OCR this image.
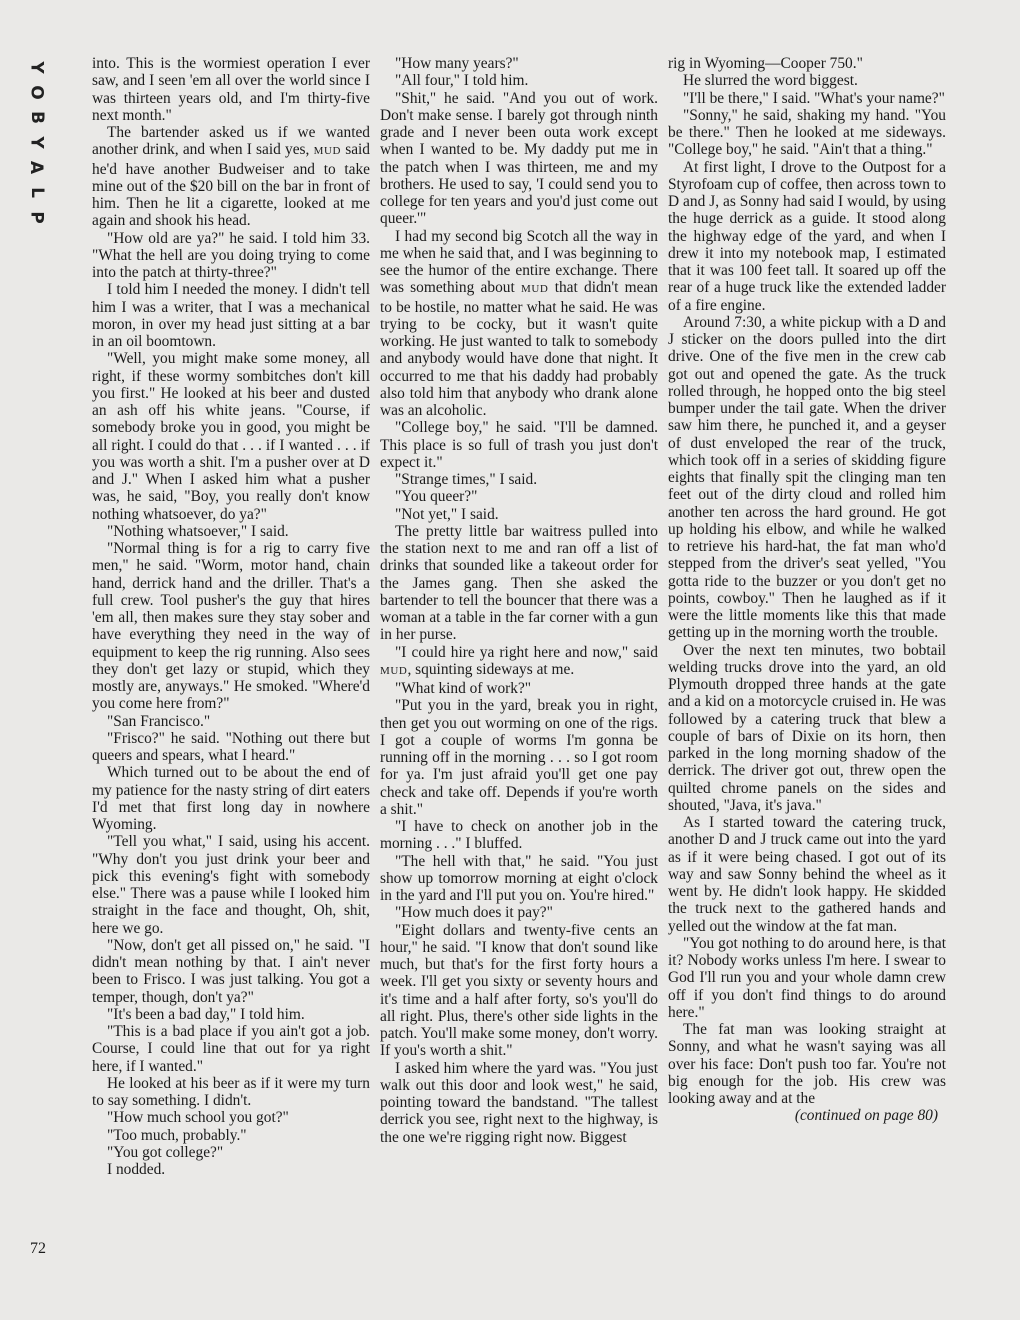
Y
O
B
Y
A
L
P
72

into. This is the wormiest operation I ever saw, and I seen 'em all over the world since I was thirteen years old, and I'm thirty-five next month."

The bartender asked us if we wanted another drink, and when I said yes, MUD said he'd have another Budweiser and to take mine out of the $20 bill on the bar in front of him. Then he lit a cigarette, looked at me again and shook his head.

"How old are ya?" he said. I told him 33. "What the hell are you doing trying to come into the patch at thirty-three?"

I told him I needed the money. I didn't tell him I was a writer, that I was a mechanical moron, in over my head just sitting at a bar in an oil boomtown.

"Well, you might make some money, all right, if these wormy sombitches don't kill you first." He looked at his beer and dusted an ash off his white jeans. "Course, if somebody broke you in good, you might be all right. I could do that . . . if I wanted . . . if you was worth a shit. I'm a pusher over at D and J." When I asked him what a pusher was, he said, "Boy, you really don't know nothing whatsoever, do ya?"

"Nothing whatsoever," I said.

"Normal thing is for a rig to carry five men," he said. "Worm, motor hand, chain hand, derrick hand and the driller. That's a full crew. Tool pusher's the guy that hires 'em all, then makes sure they stay sober and have everything they need in the way of equipment to keep the rig running. Also sees they don't get lazy or stupid, which they mostly are, anyways." He smoked. "Where'd you come here from?"

"San Francisco."

"Frisco?" he said. "Nothing out there but queers and spears, what I heard."

Which turned out to be about the end of my patience for the nasty string of dirt eaters I'd met that first long day in nowhere Wyoming.

"Tell you what," I said, using his accent. "Why don't you just drink your beer and pick this evening's fight with somebody else." There was a pause while I looked him straight in the face and thought, Oh, shit, here we go.

"Now, don't get all pissed on," he said. "I didn't mean nothing by that. I ain't never been to Frisco. I was just talking. You got a temper, though, don't ya?"

"It's been a bad day," I told him.

"This is a bad place if you ain't got a job. Course, I could line that out for ya right here, if I wanted."

He looked at his beer as if it were my turn to say something. I didn't.

"How much school you got?"

"Too much, probably."

"You got college?"

I nodded.

"How many years?"

"All four," I told him.

"Shit," he said. "And you out of work. Don't make sense. I barely got through ninth grade and I never been outa work except when I wanted to be. My daddy put me in the patch when I was thirteen, me and my brothers. He used to say, 'I could send you to college for ten years and you'd just come out queer.'"

I had my second big Scotch all the way in me when he said that, and I was beginning to see the humor of the entire exchange. There was something about MUD that didn't mean to be hostile, no matter what he said. He was trying to be cocky, but it wasn't quite working. He just wanted to talk to somebody and anybody would have done that night. It occurred to me that his daddy had probably also told him that anybody who drank alone was an alcoholic.

"College boy," he said. "I'll be damned. This place is so full of trash you just don't expect it."

"Strange times," I said.

"You queer?"

"Not yet," I said.

The pretty little bar waitress pulled into the station next to me and ran off a list of drinks that sounded like a takeout order for the James gang. Then she asked the bartender to tell the bouncer that there was a woman at a table in the far corner with a gun in her purse.

"I could hire ya right here and now," said MUD, squinting sideways at me.

"What kind of work?"

"Put you in the yard, break you in right, then get you out worming on one of the rigs. I got a couple of worms I'm gonna be running off in the morning . . . so I got room for ya. I'm just afraid you'll get one pay check and take off. Depends if you're worth a shit."

"I have to check on another job in the morning . . ." I bluffed.

"The hell with that," he said. "You just show up tomorrow morning at eight o'clock in the yard and I'll put you on. You're hired."

"How much does it pay?"

"Eight dollars and twenty-five cents an hour," he said. "I know that don't sound like much, but that's for the first forty hours a week. I'll get you sixty or seventy hours and it's time and a half after forty, so's you'll do all right. Plus, there's other side lights in the patch. You'll make some money, don't worry. If you's worth a shit."

I asked him where the yard was. "You just walk out this door and look west," he said, pointing toward the bandstand. "The tallest derrick you see, right next to the highway, is the one we're rigging right now. Biggest

rig in Wyoming—Cooper 750."

He slurred the word biggest.

"I'll be there," I said. "What's your name?"

"Sonny," he said, shaking my hand. "You be there." Then he looked at me sideways. "College boy," he said. "Ain't that a thing."

At first light, I drove to the Outpost for a Styrofoam cup of coffee, then across town to D and J, as Sonny had said I would, by using the huge derrick as a guide. It stood along the highway edge of the yard, and when I drew it into my notebook map, I estimated that it was 100 feet tall. It soared up off the rear of a huge truck like the extended ladder of a fire engine.

Around 7:30, a white pickup with a D and J sticker on the doors pulled into the dirt drive. One of the five men in the crew cab got out and opened the gate. As the truck rolled through, he hopped onto the big steel bumper under the tail gate. When the driver saw him there, he punched it, and a geyser of dust enveloped the rear of the truck, which took off in a series of skidding figure eights that finally spit the clinging man ten feet out of the dirty cloud and rolled him another ten across the hard ground. He got up holding his elbow, and while he walked to retrieve his hard-hat, the fat man who'd stepped from the driver's seat yelled, "You gotta ride to the buzzer or you don't get no points, cowboy." Then he laughed as if it were the little moments like this that made getting up in the morning worth the trouble.

Over the next ten minutes, two bobtail welding trucks drove into the yard, an old Plymouth dropped three hands at the gate and a kid on a motorcycle cruised in. He was followed by a catering truck that blew a couple of bars of Dixie on its horn, then parked in the long morning shadow of the derrick. The driver got out, threw open the quilted chrome panels on the sides and shouted, "Java, it's java."

As I started toward the catering truck, another D and J truck came out into the yard as if it were being chased. I got out of its way and saw Sonny behind the wheel as it went by. He didn't look happy. He skidded the truck next to the gathered hands and yelled out the window at the fat man.

"You got nothing to do around here, is that it? Nobody works unless I'm here. I swear to God I'll run you and your whole damn crew off if you don't find things to do around here."

The fat man was looking straight at Sonny, and what he wasn't saying was all over his face: Don't push too far. You're not big enough for the job. His crew was looking away and at the

(continued on page 80)
